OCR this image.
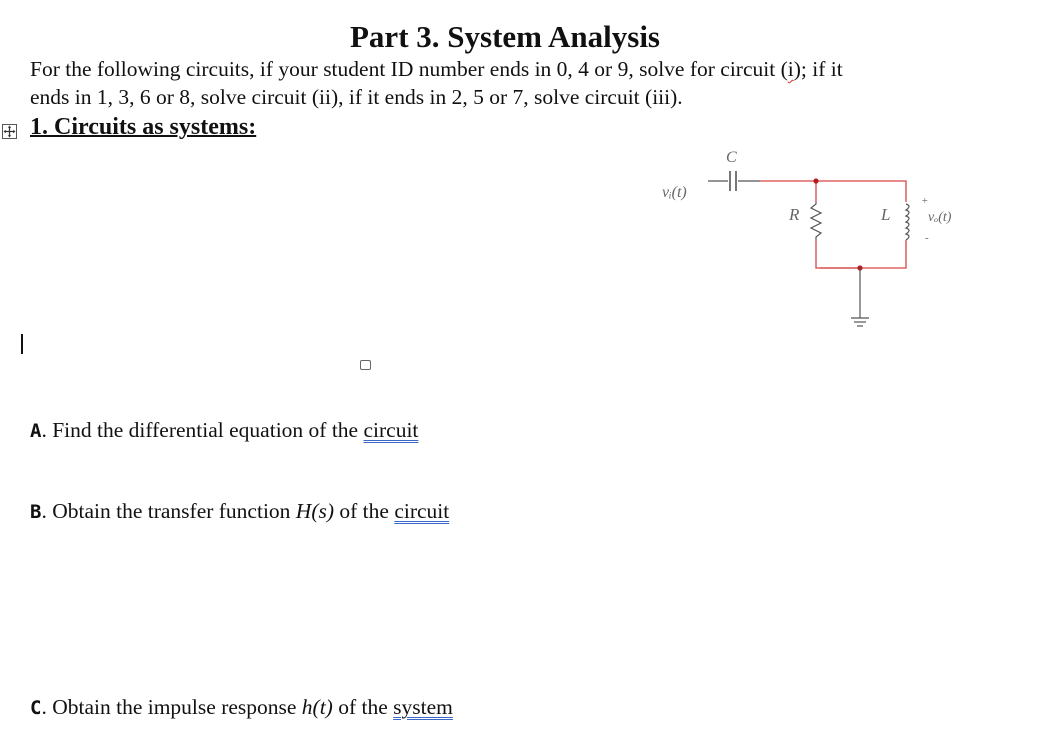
Part 3. System Analysis
For the following circuits, if your student ID number ends in 0, 4 or 9, solve for circuit (i); if it
ends in 1, 3, 6 or 8, solve circuit (ii), if it ends in 2, 5 or 7, solve circuit (iii).
1. Circuits as systems:
vᵢ(t)
C
R	L
+
vₒ(t)
-
A. Find the differential equation of the circuit
B. Obtain the transfer function H(s) of the circuit
C. Obtain the impulse response h(t) of the system
